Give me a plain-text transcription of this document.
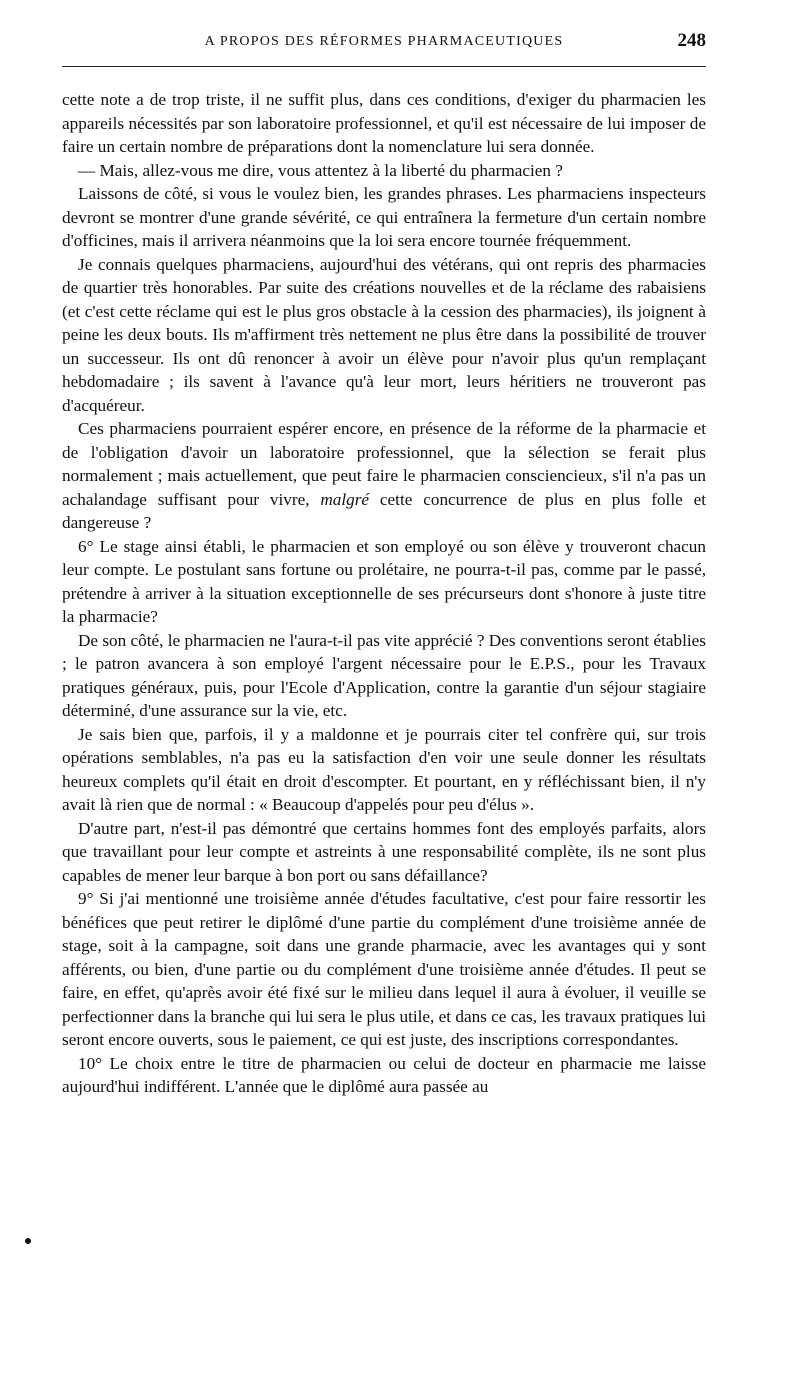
A PROPOS DES RÉFORMES PHARMACEUTIQUES	248

cette note a de trop triste, il ne suffit plus, dans ces conditions, d'exiger du pharmacien les appareils nécessités par son laboratoire professionnel, et qu'il est nécessaire de lui imposer de faire un certain nombre de préparations dont la nomenclature lui sera donnée.

— Mais, allez-vous me dire, vous attentez à la liberté du pharmacien ?

Laissons de côté, si vous le voulez bien, les grandes phrases. Les pharmaciens inspecteurs devront se montrer d'une grande sévérité, ce qui entraînera la fermeture d'un certain nombre d'officines, mais il arrivera néanmoins que la loi sera encore tournée fréquemment.

Je connais quelques pharmaciens, aujourd'hui des vétérans, qui ont repris des pharmacies de quartier très honorables. Par suite des créations nouvelles et de la réclame des rabaisiens (et c'est cette réclame qui est le plus gros obstacle à la cession des pharmacies), ils joignent à peine les deux bouts. Ils m'affirment très nettement ne plus être dans la possibilité de trouver un successeur. Ils ont dû renoncer à avoir un élève pour n'avoir plus qu'un remplaçant hebdomadaire ; ils savent à l'avance qu'à leur mort, leurs héritiers ne trouveront pas d'acquéreur.

Ces pharmaciens pourraient espérer encore, en présence de la réforme de la pharmacie et de l'obligation d'avoir un laboratoire professionnel, que la sélection se ferait plus normalement ; mais actuellement, que peut faire le pharmacien consciencieux, s'il n'a pas un achalandage suffisant pour vivre, malgré cette concurrence de plus en plus folle et dangereuse ?

6° Le stage ainsi établi, le pharmacien et son employé ou son élève y trouveront chacun leur compte. Le postulant sans fortune ou prolétaire, ne pourra-t-il pas, comme par le passé, prétendre à arriver à la situation exceptionnelle de ses précurseurs dont s'honore à juste titre la pharmacie?

De son côté, le pharmacien ne l'aura-t-il pas vite apprécié ? Des conventions seront établies ; le patron avancera à son employé l'argent nécessaire pour le E.P.S., pour les Travaux pratiques généraux, puis, pour l'Ecole d'Application, contre la garantie d'un séjour stagiaire déterminé, d'une assurance sur la vie, etc.

Je sais bien que, parfois, il y a maldonne et je pourrais citer tel confrère qui, sur trois opérations semblables, n'a pas eu la satisfaction d'en voir une seule donner les résultats heureux complets qu'il était en droit d'escompter. Et pourtant, en y réfléchissant bien, il n'y avait là rien que de normal : « Beaucoup d'appelés pour peu d'élus ».

D'autre part, n'est-il pas démontré que certains hommes font des employés parfaits, alors que travaillant pour leur compte et astreints à une responsabilité complète, ils ne sont plus capables de mener leur barque à bon port ou sans défaillance?

9° Si j'ai mentionné une troisième année d'études facultative, c'est pour faire ressortir les bénéfices que peut retirer le diplômé d'une partie du complément d'une troisième année de stage, soit à la campagne, soit dans une grande pharmacie, avec les avantages qui y sont afférents, ou bien, d'une partie ou du complément d'une troisième année d'études. Il peut se faire, en effet, qu'après avoir été fixé sur le milieu dans lequel il aura à évoluer, il veuille se perfectionner dans la branche qui lui sera le plus utile, et dans ce cas, les travaux pratiques lui seront encore ouverts, sous le paiement, ce qui est juste, des inscriptions correspondantes.

10° Le choix entre le titre de pharmacien ou celui de docteur en pharmacie me laisse aujourd'hui indifférent. L'année que le diplômé aura passée au
